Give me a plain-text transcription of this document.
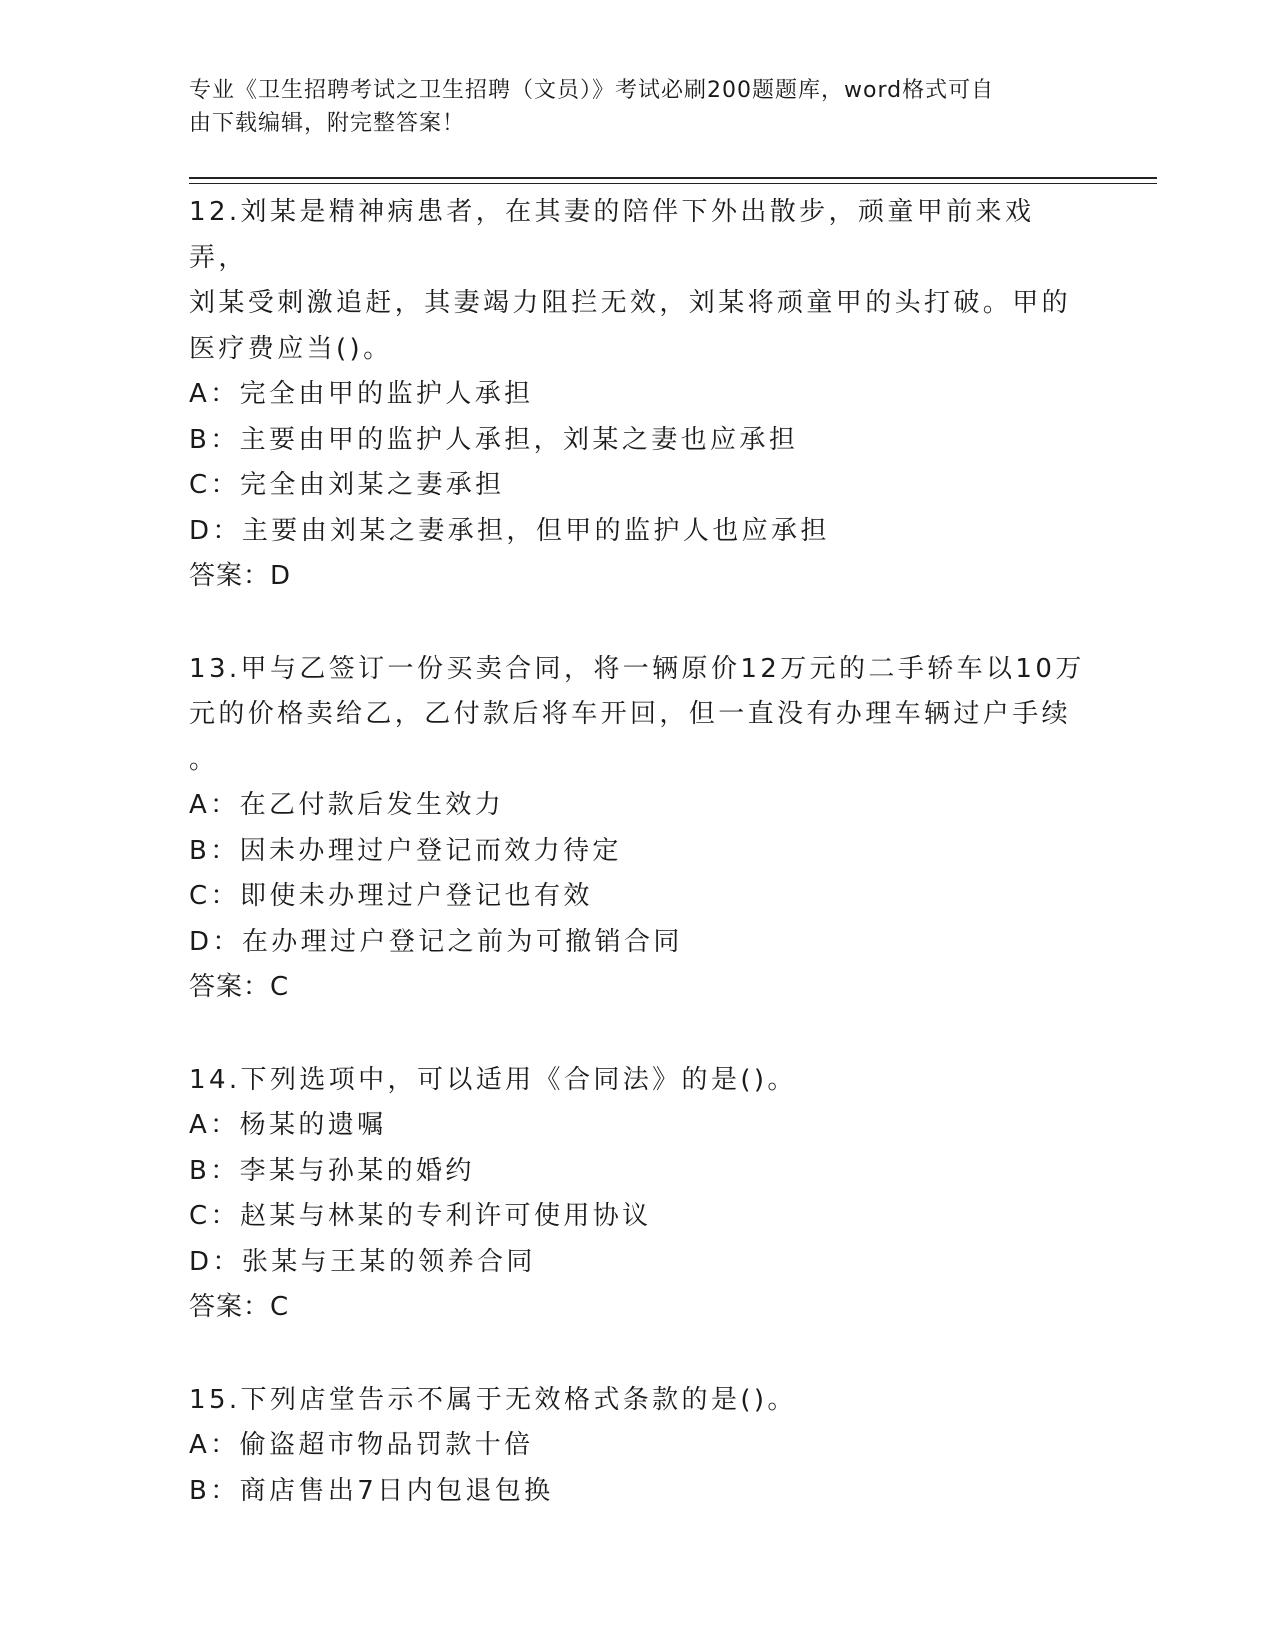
专业《卫生招聘考试之卫生招聘（文员）》考试必刷200题题库，word格式可自
由下载编辑，附完整答案！

12.刘某是精神病患者，在其妻的陪伴下外出散步，顽童甲前来戏弄，

刘某受刺激追赶，其妻竭力阻拦无效，刘某将顽童甲的头打破。甲的

医疗费应当()。

A：完全由甲的监护人承担

B：主要由甲的监护人承担，刘某之妻也应承担

C：完全由刘某之妻承担

D：主要由刘某之妻承担，但甲的监护人也应承担

答案：D

13.甲与乙签订一份买卖合同，将一辆原价12万元的二手轿车以10万

元的价格卖给乙，乙付款后将车开回，但一直没有办理车辆过户手续

。

A：在乙付款后发生效力

B：因未办理过户登记而效力待定

C：即使未办理过户登记也有效

D：在办理过户登记之前为可撤销合同

答案：C

14.下列选项中，可以适用《合同法》的是()。

A：杨某的遗嘱

B：李某与孙某的婚约

C：赵某与林某的专利许可使用协议

D：张某与王某的领养合同

答案：C

15.下列店堂告示不属于无效格式条款的是()。

A：偷盗超市物品罚款十倍

B：商店售出7日内包退包换
